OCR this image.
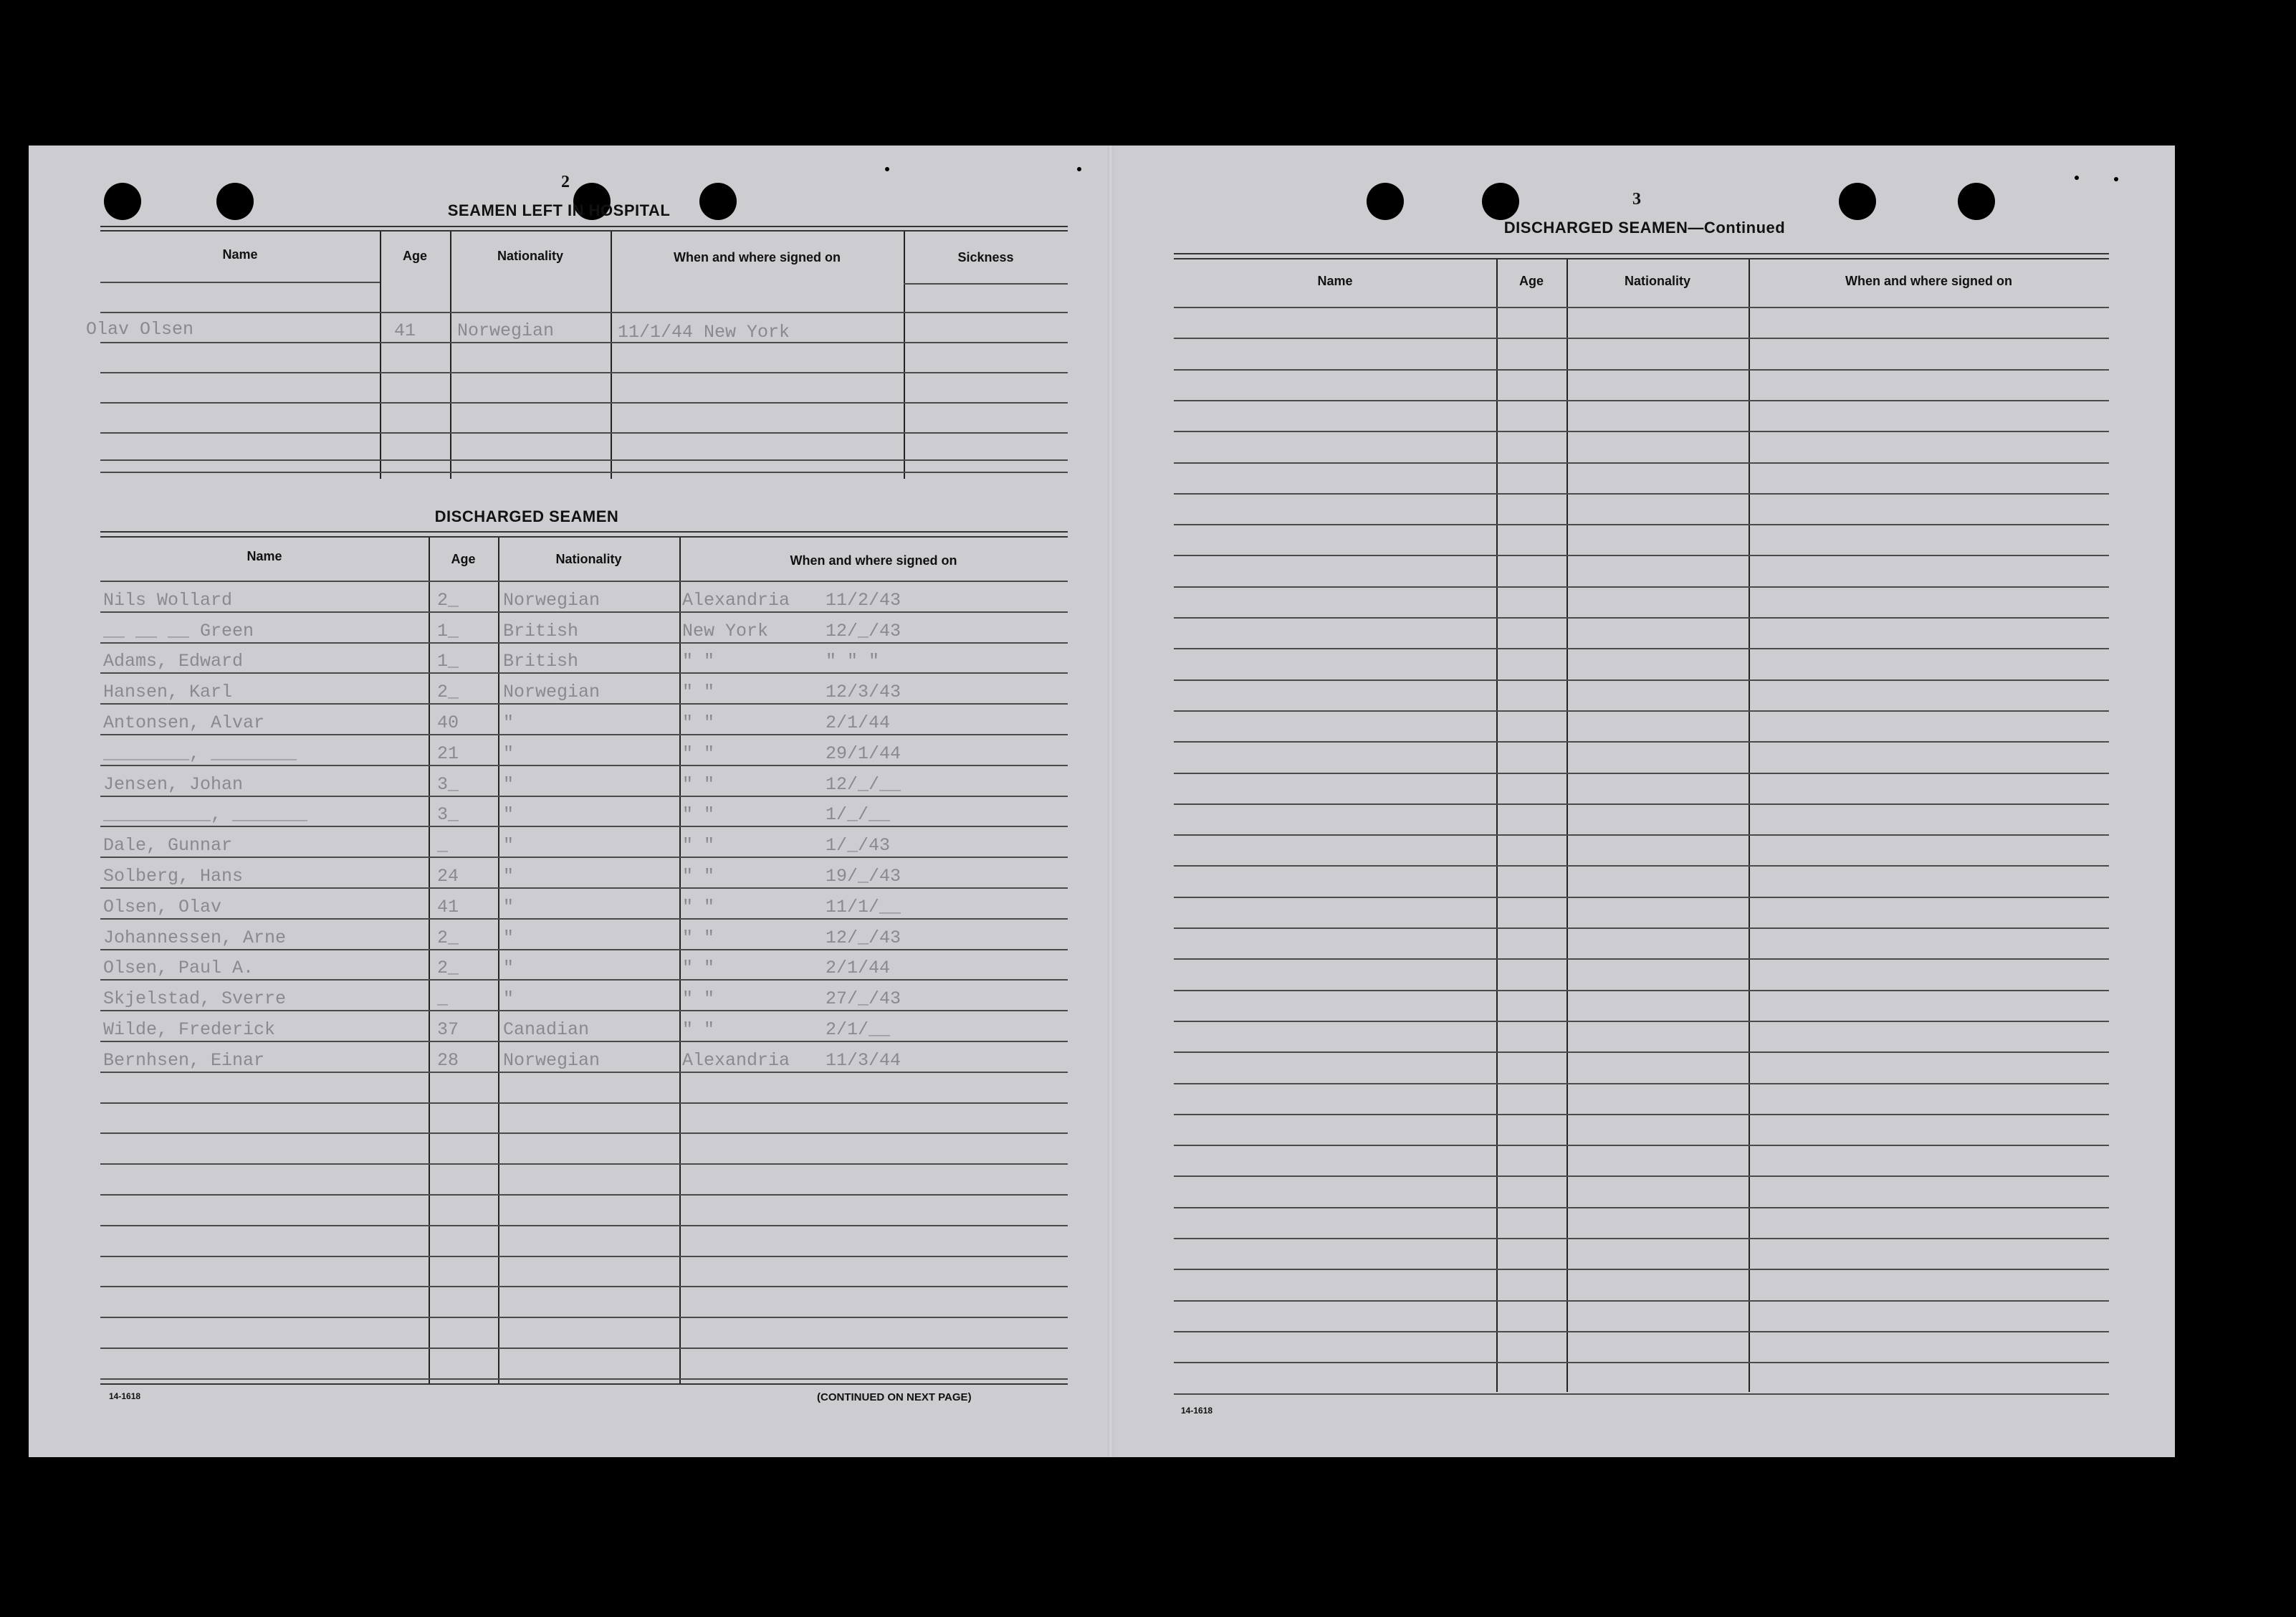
2
SEAMEN LEFT IN HOSPITAL
Name	Age	Nationality	When and where signed on	Sickness
Olav Olsen	41	Norwegian	11/1/44 New York
DISCHARGED SEAMEN
Name	Age	Nationality	When and where signed on
Nils Wollard	2_	Norwegian	Alexandria	11/2/43
__ __ __ Green	1_	British	New York	12/_/43
Adams, Edward	1_	British	" "	" " "
Hansen, Karl	2_	Norwegian	" "	12/3/43
Antonsen, Alvar	40	"	" "	2/1/44
________, ________	21	"	" "	29/1/44
Jensen, Johan	3_	"	" "	12/_/__
__________, _______	3_	"	" "	1/_/__
Dale, Gunnar	_	"	" "	1/_/43
Solberg, Hans	24	"	" "	19/_/43
Olsen, Olav	41	"	" "	11/1/__
Johannessen, Arne	2_	"	" "	12/_/43
Olsen, Paul A.	2_	"	" "	2/1/44
Skjelstad, Sverre	_	"	" "	27/_/43
Wilde, Frederick	37	Canadian	" "	2/1/__
Bernhsen, Einar	28	Norwegian	Alexandria	11/3/44
14-1618	(CONTINUED ON NEXT PAGE)
3
DISCHARGED SEAMEN—Continued
Name	Age	Nationality	When and where signed on
14-1618
